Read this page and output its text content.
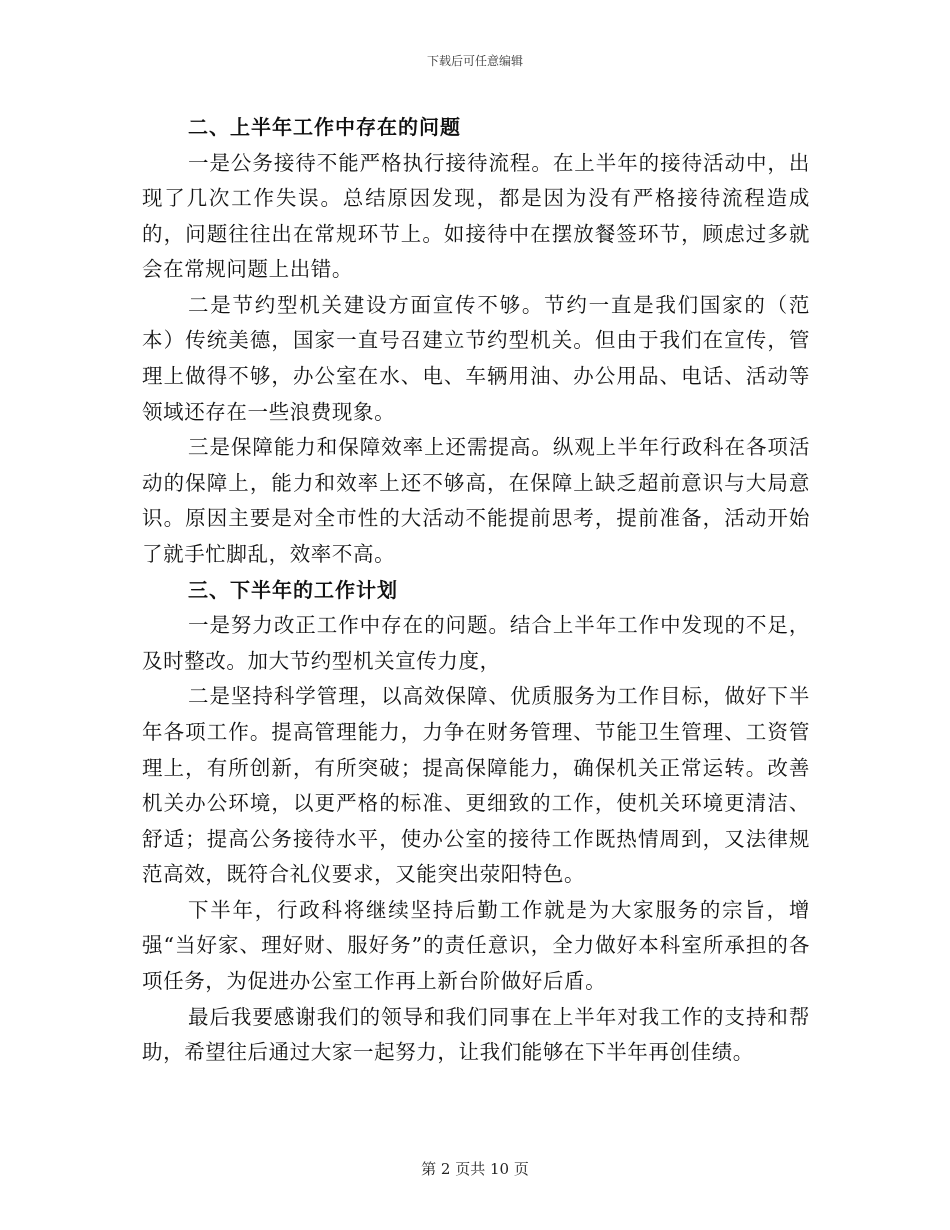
下载后可任意编辑
二、上半年工作中存在的问题

一是公务接待不能严格执行接待流程。在上半年的接待活动中，出现了几次工作失误。总结原因发现，都是因为没有严格接待流程造成的，问题往往出在常规环节上。如接待中在摆放餐签环节，顾虑过多就会在常规问题上出错。

二是节约型机关建设方面宣传不够。节约一直是我们国家的（范本）传统美德，国家一直号召建立节约型机关。但由于我们在宣传，管理上做得不够，办公室在水、电、车辆用油、办公用品、电话、活动等领域还存在一些浪费现象。

三是保障能力和保障效率上还需提高。纵观上半年行政科在各项活动的保障上，能力和效率上还不够高，在保障上缺乏超前意识与大局意识。原因主要是对全市性的大活动不能提前思考，提前准备，活动开始了就手忙脚乱，效率不高。

三、下半年的工作计划

一是努力改正工作中存在的问题。结合上半年工作中发现的不足，及时整改。加大节约型机关宣传力度，

二是坚持科学管理，以高效保障、优质服务为工作目标，做好下半年各项工作。提高管理能力，力争在财务管理、节能卫生管理、工资管理上，有所创新，有所突破；提高保障能力，确保机关正常运转。改善机关办公环境，以更严格的标准、更细致的工作，使机关环境更清洁、舒适；提高公务接待水平，使办公室的接待工作既热情周到，又法律规范高效，既符合礼仪要求，又能突出荥阳特色。

下半年，行政科将继续坚持后勤工作就是为大家服务的宗旨，增强“当好家、理好财、服好务”的责任意识，全力做好本科室所承担的各项任务，为促进办公室工作再上新台阶做好后盾。

最后我要感谢我们的领导和我们同事在上半年对我工作的支持和帮助，希望往后通过大家一起努力，让我们能够在下半年再创佳绩。

第 2 页共 10 页
